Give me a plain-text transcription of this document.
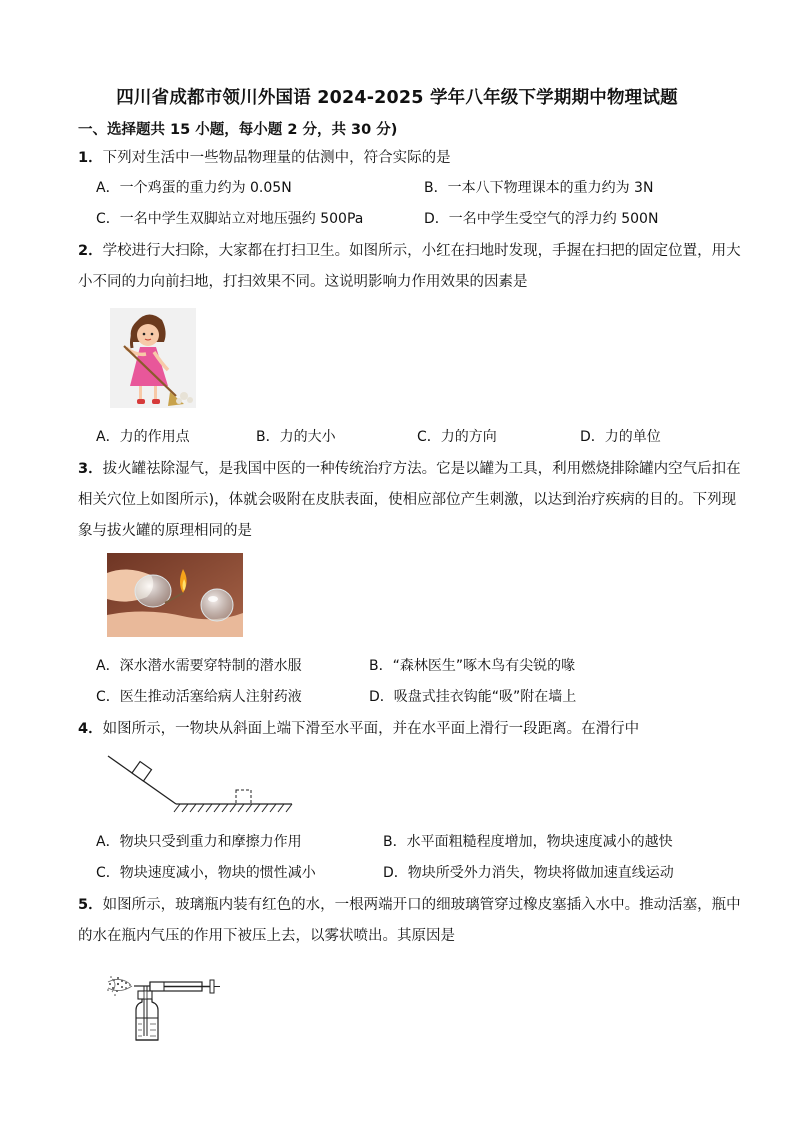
四川省成都市领川外国语 2024-2025 学年八年级下学期期中物理试题
一、选择题共 15 小题，每小题 2 分，共 30 分)
1．下列对生活中一些物品物理量的估测中，符合实际的是
A．一个鸡蛋的重力约为 0.05N	B．一本八下物理课本的重力约为 3N
C．一名中学生双脚站立对地压强约 500Pa	D．一名中学生受空气的浮力约 500N
2．学校进行大扫除，大家都在打扫卫生。如图所示，小红在扫地时发现，手握在扫把的固定位置，用大
小不同的力向前扫地，打扫效果不同。这说明影响力作用效果的因素是
A．力的作用点	B．力的大小	C．力的方向	D．力的单位
3．拔火罐祛除湿气，是我国中医的一种传统治疗方法。它是以罐为工具，利用燃烧排除罐内空气后扣在
相关穴位上如图所示)，体就会吸附在皮肤表面，使相应部位产生刺激，以达到治疗疾病的目的。下列现
象与拔火罐的原理相同的是
A．深水潜水需要穿特制的潜水服	B．“森林医生”啄木鸟有尖锐的喙
C．医生推动活塞给病人注射药液	D．吸盘式挂衣钩能“吸”附在墙上
4．如图所示，一物块从斜面上端下滑至水平面，并在水平面上滑行一段距离。在滑行中
A．物块只受到重力和摩擦力作用	B．水平面粗糙程度增加，物块速度减小的越快
C．物块速度减小，物块的惯性减小	D．物块所受外力消失，物块将做加速直线运动
5．如图所示，玻璃瓶内装有红色的水，一根两端开口的细玻璃管穿过橡皮塞插入水中。推动活塞，瓶中
的水在瓶内气压的作用下被压上去，以雾状喷出。其原因是
